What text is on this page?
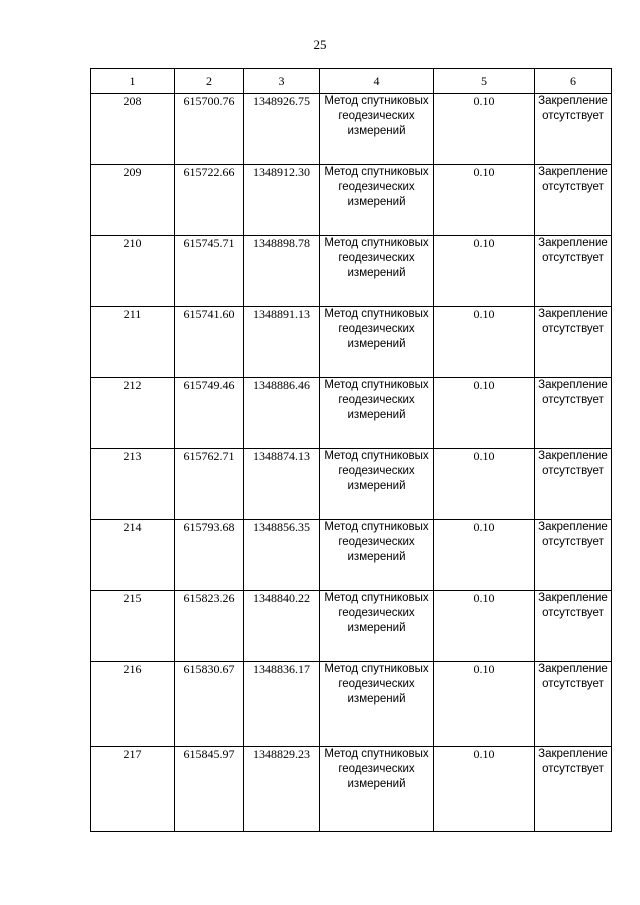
25
1	2	3	4	5	6
208	615700.76	1348926.75	Метод спутниковых геодезических измерений	0.10	Закрепление отсутствует
209	615722.66	1348912.30	Метод спутниковых геодезических измерений	0.10	Закрепление отсутствует
210	615745.71	1348898.78	Метод спутниковых геодезических измерений	0.10	Закрепление отсутствует
211	615741.60	1348891.13	Метод спутниковых геодезических измерений	0.10	Закрепление отсутствует
212	615749.46	1348886.46	Метод спутниковых геодезических измерений	0.10	Закрепление отсутствует
213	615762.71	1348874.13	Метод спутниковых геодезических измерений	0.10	Закрепление отсутствует
214	615793.68	1348856.35	Метод спутниковых геодезических измерений	0.10	Закрепление отсутствует
215	615823.26	1348840.22	Метод спутниковых геодезических измерений	0.10	Закрепление отсутствует
216	615830.67	1348836.17	Метод спутниковых геодезических измерений	0.10	Закрепление отсутствует
217	615845.97	1348829.23	Метод спутниковых геодезических измерений	0.10	Закрепление отсутствует
